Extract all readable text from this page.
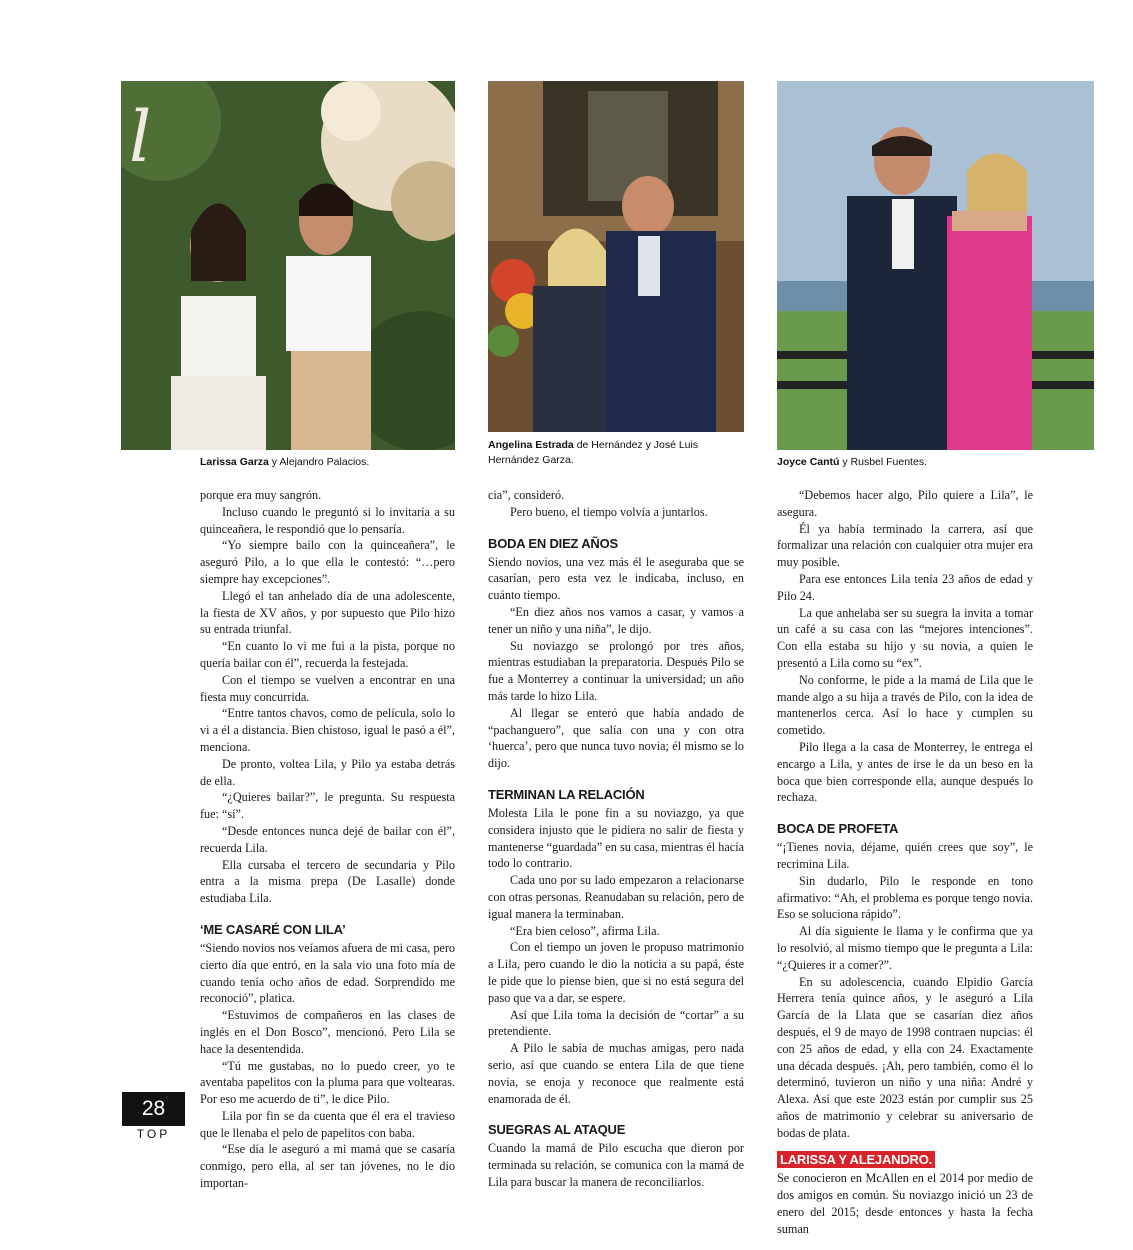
l
Larissa Garza y Alejandro Palacios.
Angelina Estrada de Hernández y José Luis Hernández Garza.	Joyce Cantú y Rusbel Fuentes.
28
TOP

porque era muy sangrón.

Incluso cuando le preguntó si lo invitaría a su quinceañera, le respondió que lo pensaría.

“Yo siempre bailo con la quinceañera”, le aseguró Pilo, a lo que ella le contestó: “…pero siempre hay excepciones”.

Llegó el tan anhelado día de una adolescente, la fiesta de XV años, y por supuesto que Pilo hizo su entrada triunfal.

“En cuanto lo vi me fui a la pista, porque no quería bailar con él”, recuerda la festejada.

Con el tiempo se vuelven a encontrar en una fiesta muy concurrida.

“Entre tantos chavos, como de película, solo lo vi a él a distancia. Bien chistoso, igual le pasó a él”, menciona.

De pronto, voltea Lila, y Pilo ya estaba detrás de ella.

“¿Quieres bailar?”, le pregunta. Su respuesta fue: “sí”.

“Desde entonces nunca dejé de bailar con él”, recuerda Lila.

Ella cursaba el tercero de secundaria y Pilo entra a la misma prepa (De Lasalle) donde estudiaba Lila.

‘ME CASARÉ CON LILA’

“Siendo novios nos veíamos afuera de mi casa, pero cierto día que entró, en la sala vio una foto mía de cuando tenía ocho años de edad. Sorprendido me reconoció”, platica.

“Estuvimos de compañeros en las clases de inglés en el Don Bosco”, mencionó. Pero Lila se hace la desentendida.

“Tú me gustabas, no lo puedo creer, yo te aventaba papelitos con la pluma para que voltearas. Por eso me acuerdo de ti”, le dice Pilo.

Lila por fin se da cuenta que él era el travieso que le llenaba el pelo de papelitos con baba.

“Ese día le aseguró a mi mamá que se casaría conmigo, pero ella, al ser tan jóvenes, no le dio importan-

cia”, consideró.

Pero bueno, el tiempo volvía a juntarlos.

BODA EN DIEZ AÑOS

Siendo novios, una vez más él le aseguraba que se casarían, pero esta vez le indicaba, incluso, en cuánto tiempo.

“En diez años nos vamos a casar, y vamos a tener un niño y una niña”, le dijo.

Su noviazgo se prolongó por tres años, mientras estudiaban la preparatoria. Después Pilo se fue a Monterrey a continuar la universidad; un año más tarde lo hizo Lila.

Al llegar se enteró que había andado de “pachanguero”, que salía con una y con otra ‘huerca’, pero que nunca tuvo novia; él mismo se lo dijo.

TERMINAN LA RELACIÓN

Molesta Lila le pone fin a su noviazgo, ya que considera injusto que le pidiera no salir de fiesta y mantenerse “guardada” en su casa, mientras él hacía todo lo contrario.

Cada uno por su lado empezaron a relacionarse con otras personas. Reanudaban su relación, pero de igual manera la terminaban.

“Era bien celoso”, afirma Lila.

Con el tiempo un joven le propuso matrimonio a Lila, pero cuando le dio la noticia a su papá, éste le pide que lo piense bien, que si no está segura del paso que va a dar, se espere.

Así que Lila toma la decisión de “cortar” a su pretendiente.

A Pilo le sabía de muchas amigas, pero nada serio, así que cuando se entera Lila de que tiene novia, se enoja y reconoce que realmente está enamorada de él.

SUEGRAS AL ATAQUE

Cuando la mamá de Pilo escucha que dieron por terminada su relación, se comunica con la mamá de Lila para buscar la manera de reconciliarlos.

“Debemos hacer algo, Pilo quiere a Lila”, le asegura.

Él ya había terminado la carrera, así que formalizar una relación con cualquier otra mujer era muy posible.

Para ese entonces Lila tenía 23 años de edad y Pilo 24.

La que anhelaba ser su suegra la invita a tomar un café a su casa con las “mejores intenciones”. Con ella estaba su hijo y su novia, a quien le presentó a Lila como su “ex”.

No conforme, le pide a la mamá de Lila que le mande algo a su hija a través de Pilo, con la idea de mantenerlos cerca. Así lo hace y cumplen su cometido.

Pilo llega a la casa de Monterrey, le entrega el encargo a Lila, y antes de irse le da un beso en la boca que bien corresponde ella, aunque después lo rechaza.

BOCA DE PROFETA

“¡Tienes novia, déjame, quién crees que soy”, le recrimina Lila.

Sin dudarlo, Pilo le responde en tono afirmativo: “Ah, el problema es porque tengo novia. Eso se soluciona rápido”.

Al día siguiente le llama y le confirma que ya lo resolvió, al mismo tiempo que le pregunta a Lila: “¿Quieres ir a comer?”.

En su adolescencia, cuando Elpidio García Herrera tenía quince años, y le aseguró a Lila García de la Llata que se casarían diez años después, el 9 de mayo de 1998 contraen nupcias: él con 25 años de edad, y ella con 24. Exactamente una década después. ¡Ah, pero también, como él lo determinó, tuvieron un niño y una niña: André y Alexa. Así que este 2023 están por cumplir sus 25 años de matrimonio y celebrar su aniversario de bodas de plata.

LARISSA Y ALEJANDRO.

Se conocieron en McAllen en el 2014 por medio de dos amigos en común. Su noviazgo inició un 23 de enero del 2015; desde entonces y hasta la fecha suman
